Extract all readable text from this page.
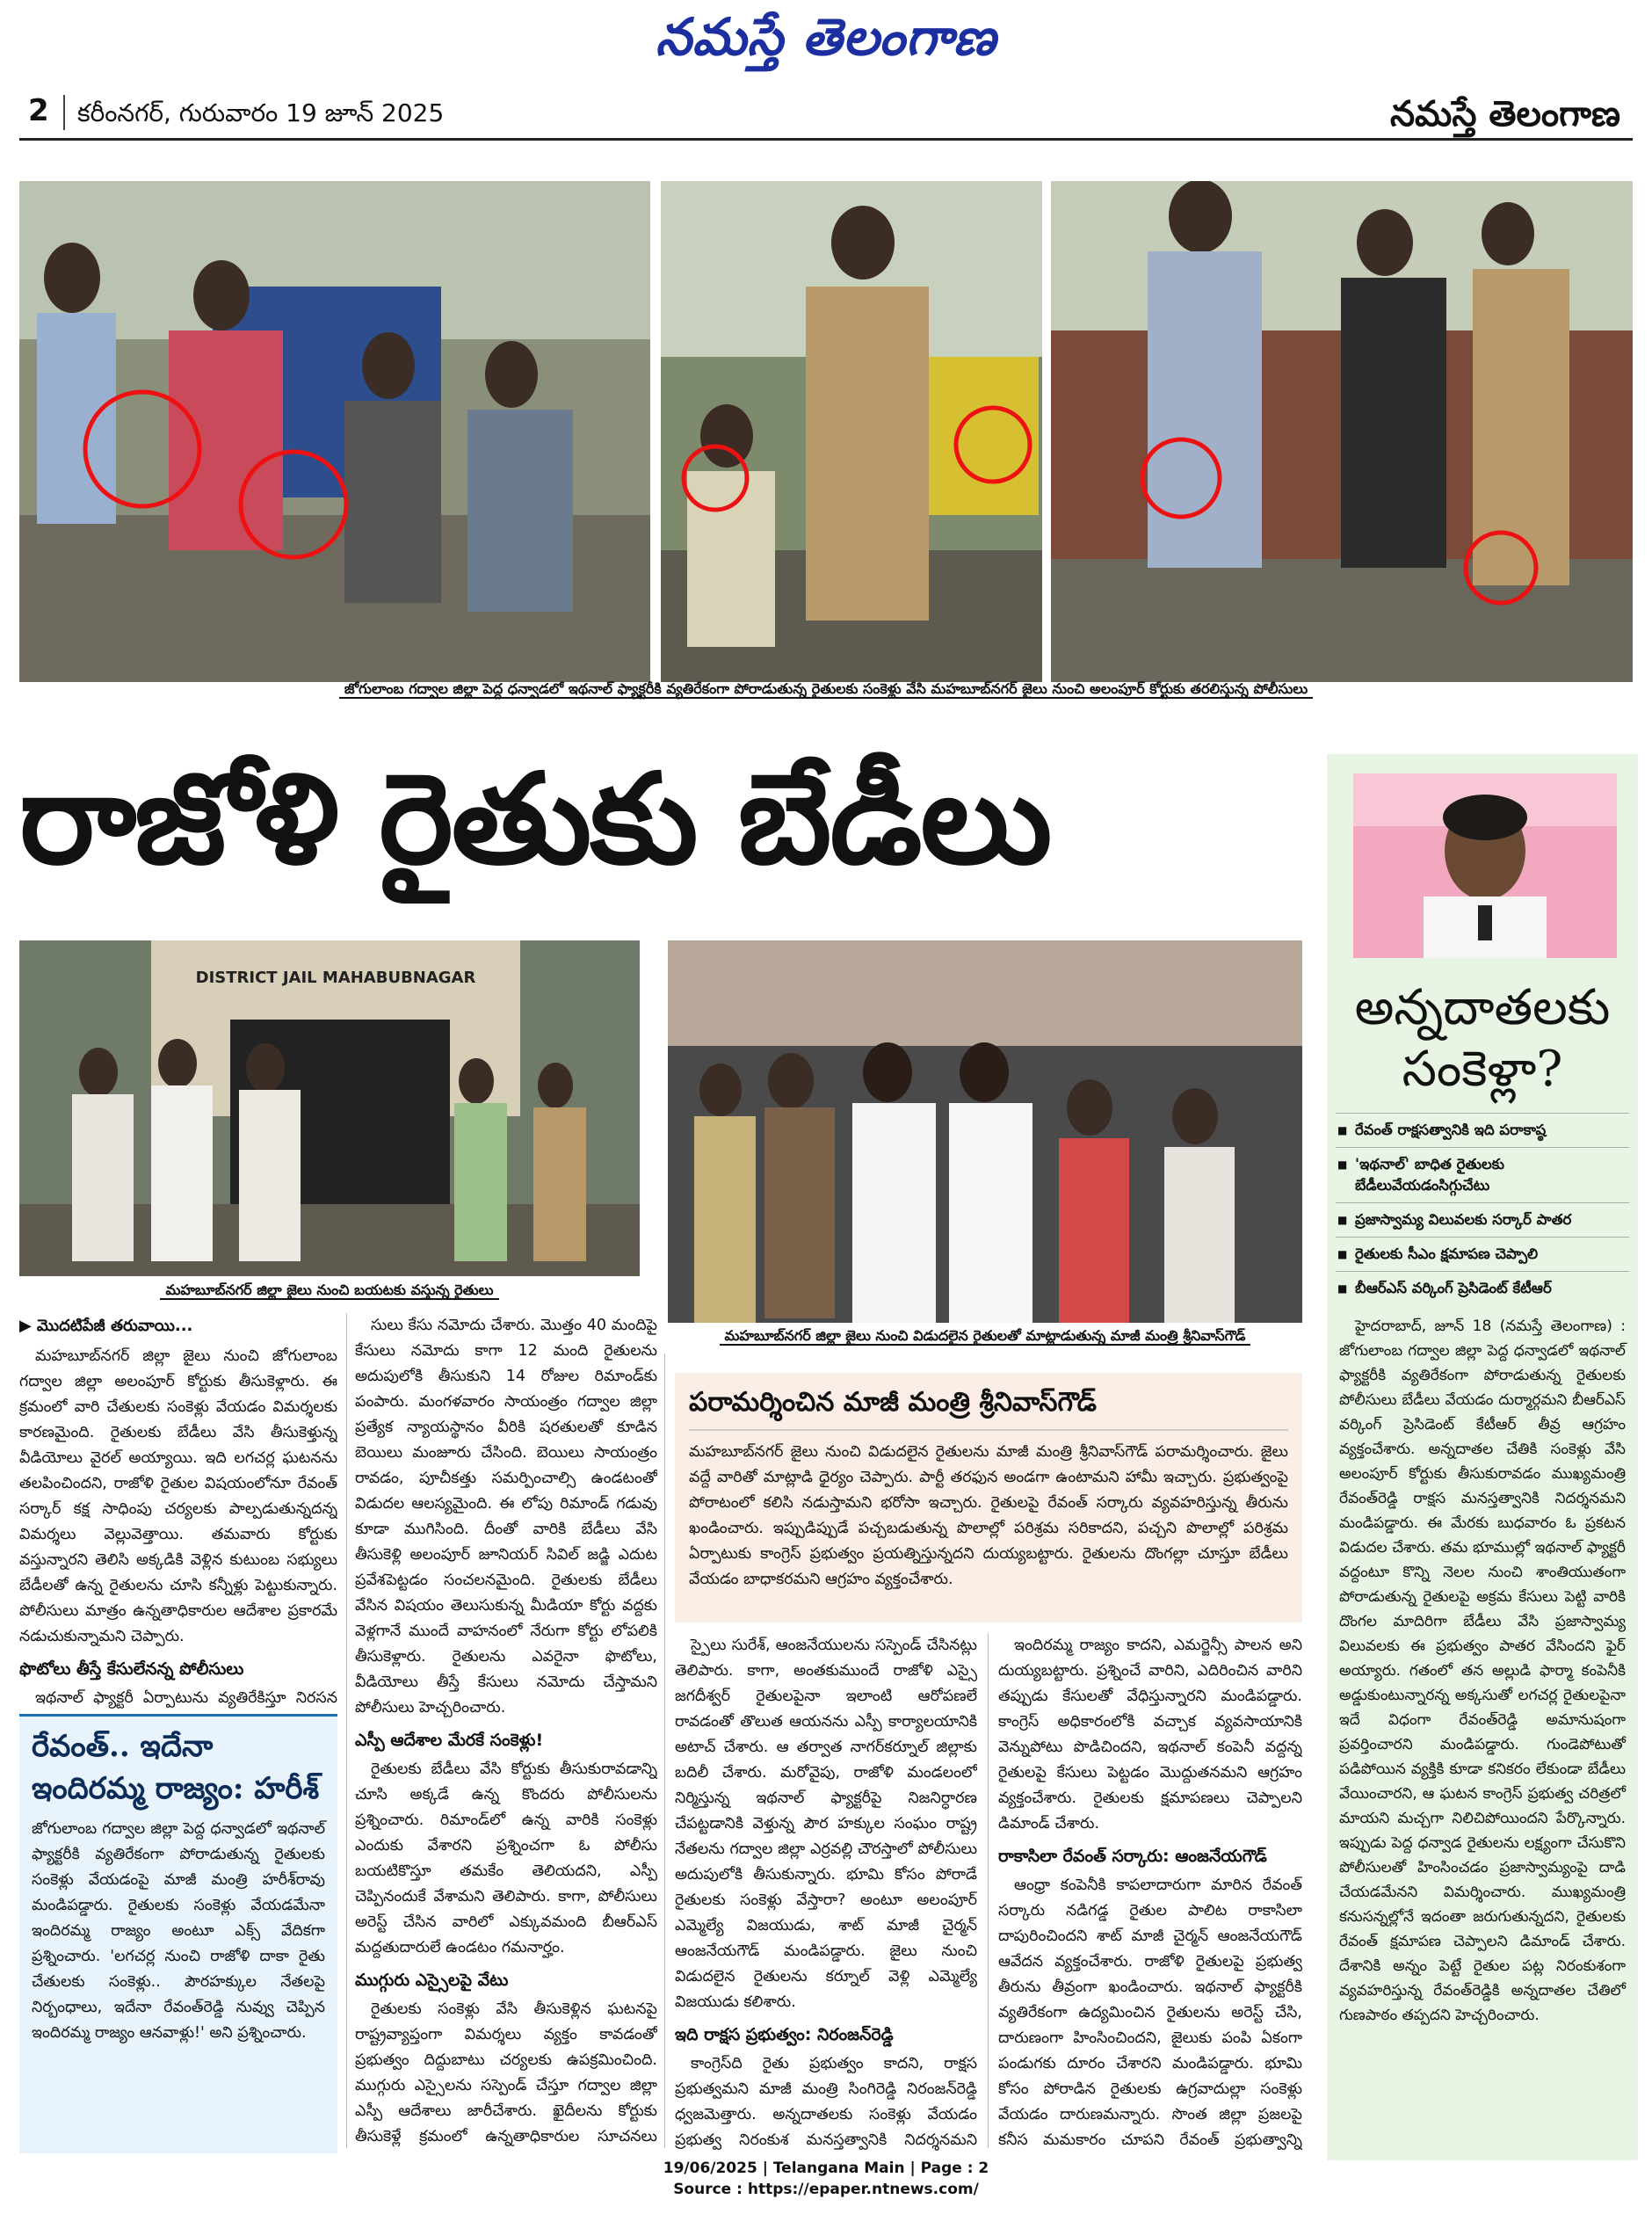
నమస్తే తెలంగాణ
2 కరీంనగర్, గురువారం 19 జూన్ 2025	నమస్తే తెలంగాణ
జోగులాంబ గద్వాల జిల్లా పెద్ద ధన్వాడలో ఇథనాల్ ఫ్యాక్టరీకి వ్యతిరేకంగా పోరాడుతున్న రైతులకు సంకెళ్లు వేసి మహబూబ్‌నగర్ జైలు నుంచి అలంపూర్ కోర్టుకు తరలిస్తున్న పోలీసులు
రాజోళి రైతుకు బేడీలు
DISTRICT JAIL MAHABUBNAGAR
మహబూబ్‌నగర్ జిల్లా జైలు నుంచి బయటకు వస్తున్న రైతులు
మహబూబ్‌నగర్ జిల్లా జైలు నుంచి విడుదలైన రైతులతో మాట్లాడుతున్న మాజీ మంత్రి శ్రీనివాస్‌గౌడ్
▶ మొదటిపేజీ తరువాయి...

మహబూబ్‌నగర్ జిల్లా జైలు నుంచి జోగులాంబ గద్వాల జిల్లా అలంపూర్ కోర్టుకు తీసుకెళ్లారు. ఈ క్రమంలో వారి చేతులకు సంకెళ్లు వేయడం విమర్శలకు కారణమైంది. రైతులకు బేడీలు వేసి తీసుకెళ్తున్న వీడియోలు వైరల్ అయ్యాయి. ఇది లగచర్ల ఘటనను తలపించిందని, రాజోళి రైతుల విషయంలోనూ రేవంత్ సర్కార్ కక్ష సాధింపు చర్యలకు పాల్పడుతున్నదన్న విమర్శలు వెల్లువెత్తాయి. తమవారు కోర్టుకు వస్తున్నారని తెలిసి అక్కడికి వెళ్లిన కుటుంబ సభ్యులు బేడీలతో ఉన్న రైతులను చూసి కన్నీళ్లు పెట్టుకున్నారు. పోలీసులు మాత్రం ఉన్నతాధికారుల ఆదేశాల ప్రకారమే నడుచుకున్నామని చెప్పారు.

ఫొటోలు తీస్తే కేసులేనన్న పోలీసులు

ఇథనాల్ ఫ్యాక్టరీ ఏర్పాటును వ్యతిరేకిస్తూ నిరసన

రేవంత్.. ఇదేనా ఇందిరమ్మ రాజ్యం: హరీశ్

జోగులాంబ గద్వాల జిల్లా పెద్ద ధన్వాడలో ఇథనాల్ ఫ్యాక్టరీకి వ్యతిరేకంగా పోరాడుతున్న రైతులకు సంకెళ్లు వేయడంపై మాజీ మంత్రి హరీశ్‌రావు మండిపడ్డారు. రైతులకు సంకెళ్లు వేయడమేనా ఇందిరమ్మ రాజ్యం అంటూ ఎక్స్ వేదికగా ప్రశ్నించారు. 'లగచర్ల నుంచి రాజోళి దాకా రైతు చేతులకు సంకెళ్లు.. పౌరహక్కుల నేతలపై నిర్బంధాలు, ఇదేనా రేవంత్‌రెడ్డి నువ్వు చెప్పిన ఇందిరమ్మ రాజ్యం ఆనవాళ్లు!' అని ప్రశ్నించారు.

సులు కేసు నమోదు చేశారు. మొత్తం 40 మందిపై కేసులు నమోదు కాగా 12 మంది రైతులను అదుపులోకి తీసుకుని 14 రోజుల రిమాండ్‌కు పంపారు. మంగళవారం సాయంత్రం గద్వాల జిల్లా ప్రత్యేక న్యాయస్థానం వీరికి షరతులతో కూడిన బెయిలు మంజూరు చేసింది. బెయిలు సాయంత్రం రావడం, పూచీకత్తు సమర్పించాల్సి ఉండటంతో విడుదల ఆలస్యమైంది. ఈ లోపు రిమాండ్ గడువు కూడా ముగిసింది. దీంతో వారికి బేడీలు వేసి తీసుకెళ్లి అలంపూర్ జూనియర్ సివిల్ జడ్జి ఎదుట ప్రవేశపెట్టడం సంచలనమైంది. రైతులకు బేడీలు వేసిన విషయం తెలుసుకున్న మీడియా కోర్టు వద్దకు వెళ్లగానే ముందే వాహనంలో నేరుగా కోర్టు లోపలికి తీసుకెళ్లారు. రైతులను ఎవరైనా ఫొటోలు, వీడియోలు తీస్తే కేసులు నమోదు చేస్తామని పోలీసులు హెచ్చరించారు.

ఎస్పీ ఆదేశాల మేరకే సంకెళ్లు!

రైతులకు బేడీలు వేసి కోర్టుకు తీసుకురావడాన్ని చూసి అక్కడే ఉన్న కొందరు పోలీసులను ప్రశ్నించారు. రిమాండ్‌లో ఉన్న వారికి సంకెళ్లు ఎందుకు వేశారని ప్రశ్నించగా ఓ పోలీసు బయటికొస్తూ తమకేం తెలియదని, ఎస్పీ చెప్పినందుకే వేశామని తెలిపారు. కాగా, పోలీసులు అరెస్ట్ చేసిన వారిలో ఎక్కువమంది బీఆర్ఎస్ మద్దతుదారులే ఉండటం గమనార్హం.

ముగ్గురు ఎస్సైలపై వేటు

రైతులకు సంకెళ్లు వేసి తీసుకెళ్లిన ఘటనపై రాష్ట్రవ్యాప్తంగా విమర్శలు వ్యక్తం కావడంతో ప్రభుత్వం దిద్దుబాటు చర్యలకు ఉపక్రమించింది. ముగ్గురు ఎస్సైలను సస్పెండ్ చేస్తూ గద్వాల జిల్లా ఎస్పీ ఆదేశాలు జారీచేశారు. ఖైదీలను కోర్టుకు తీసుకెళ్లే క్రమంలో ఉన్నతాధికారుల సూచనలు

పరామర్శించిన మాజీ మంత్రి శ్రీనివాస్‌గౌడ్

మహబూబ్‌నగర్ జైలు నుంచి విడుదలైన రైతులను మాజీ మంత్రి శ్రీనివాస్‌గౌడ్ పరామర్శించారు. జైలు వద్దే వారితో మాట్లాడి ధైర్యం చెప్పారు. పార్టీ తరఫున అండగా ఉంటామని హామీ ఇచ్చారు. ప్రభుత్వంపై పోరాటంలో కలిసి నడుస్తామని భరోసా ఇచ్చారు. రైతులపై రేవంత్ సర్కారు వ్యవహరిస్తున్న తీరును ఖండించారు. ఇప్పుడిప్పుడే పచ్చబడుతున్న పొలాల్లో పరిశ్రమ సరికాదని, పచ్చని పొలాల్లో పరిశ్రమ ఏర్పాటుకు కాంగ్రెస్ ప్రభుత్వం ప్రయత్నిస్తున్నదని దుయ్యబట్టారు. రైతులను దొంగల్లా చూస్తూ బేడీలు వేయడం బాధాకరమని ఆగ్రహం వ్యక్తంచేశారు.

స్పైలు సురేశ్, ఆంజనేయులను సస్పెండ్ చేసినట్లు తెలిపారు. కాగా, అంతకుముందే రాజోళి ఎస్సై జగదీశ్వర్ రైతులపైనా ఇలాంటి ఆరోపణలే రావడంతో తొలుత ఆయనను ఎస్పీ కార్యాలయానికి అటాచ్ చేశారు. ఆ తర్వాత నాగర్‌కర్నూల్ జిల్లాకు బదిలీ చేశారు. మరోవైపు, రాజోళి మండలంలో నిర్మిస్తున్న ఇథనాల్ ఫ్యాక్టరీపై నిజనిర్ధారణ చేపట్టడానికి వెళ్తున్న పౌర హక్కుల సంఘం రాష్ట్ర నేతలను గద్వాల జిల్లా ఎర్రవల్లి చౌరస్తాలో పోలీసులు అదుపులోకి తీసుకున్నారు. భూమి కోసం పోరాడే రైతులకు సంకెళ్లు వేస్తారా? అంటూ అలంపూర్ ఎమ్మెల్యే విజయుడు, శాట్ మాజీ చైర్మన్ ఆంజనేయగౌడ్ మండిపడ్డారు. జైలు నుంచి విడుదలైన రైతులను కర్నూల్ వెళ్లి ఎమ్మెల్యే విజయుడు కలిశారు.

ఇది రాక్షస ప్రభుత్వం: నిరంజన్‌రెడ్డి

కాంగ్రెస్‌ది రైతు ప్రభుత్వం కాదని, రాక్షస ప్రభుత్వమని మాజీ మంత్రి సింగిరెడ్డి నిరంజన్‌రెడ్డి ధ్వజమెత్తారు. అన్నదాతలకు సంకెళ్లు వేయడం ప్రభుత్వ నిరంకుశ మనస్తత్వానికి నిదర్శనమని

ఇందిరమ్మ రాజ్యం కాదని, ఎమర్జెన్సీ పాలన అని దుయ్యబట్టారు. ప్రశ్నించే వారిని, ఎదిరించిన వారిని తప్పుడు కేసులతో వేధిస్తున్నారని మండిపడ్డారు. కాంగ్రెస్ అధికారంలోకి వచ్చాక వ్యవసాయానికి వెన్నుపోటు పొడిచిందని, ఇథనాల్ కంపెనీ వద్దన్న రైతులపై కేసులు పెట్టడం మొద్దుతనమని ఆగ్రహం వ్యక్తంచేశారు. రైతులకు క్షమాపణలు చెప్పాలని డిమాండ్ చేశారు.

రాకాసిలా రేవంత్ సర్కారు: ఆంజనేయగౌడ్

ఆంధ్రా కంపెనీకి కాపలాదారుగా మారిన రేవంత్ సర్కారు నడిగడ్డ రైతుల పాలిట రాకాసిలా దాపురించిందని శాట్ మాజీ చైర్మన్ ఆంజనేయగౌడ్ ఆవేదన వ్యక్తంచేశారు. రాజోళి రైతులపై ప్రభుత్వ తీరును తీవ్రంగా ఖండించారు. ఇథనాల్ ఫ్యాక్టరీకి వ్యతిరేకంగా ఉద్యమించిన రైతులను అరెస్ట్ చేసి, దారుణంగా హింసించిందని, జైలుకు పంపి ఏకంగా పండుగకు దూరం చేశారని మండిపడ్డారు. భూమి కోసం పోరాడిన రైతులకు ఉగ్రవాదుల్లా సంకెళ్లు వేయడం దారుణమన్నారు. సొంత జిల్లా ప్రజలపై కనీస మమకారం చూపని రేవంత్ ప్రభుత్వాన్ని

అన్నదాతలకు
సంకెళ్లా?
■ రేవంత్ రాక్షసత్వానికి ఇది పరాకాష్ఠ
■ 'ఇథనాల్' బాధిత రైతులకు బేడీలువేయడంసిగ్గుచేటు
■ ప్రజాస్వామ్య విలువలకు సర్కార్ పాతర
■ రైతులకు సీఎం క్షమాపణ చెప్పాలి
■ బీఆర్ఎస్ వర్కింగ్ ప్రెసిడెంట్ కేటీఆర్

హైదరాబాద్, జూన్ 18 (నమస్తే తెలంగాణ) : జోగులాంబ గద్వాల జిల్లా పెద్ద ధన్వాడలో ఇథనాల్ ఫ్యాక్టరీకి వ్యతిరేకంగా పోరాడుతున్న రైతులకు పోలీసులు బేడీలు వేయడం దుర్మార్గమని బీఆర్ఎస్ వర్కింగ్ ప్రెసిడెంట్ కేటీఆర్ తీవ్ర ఆగ్రహం వ్యక్తంచేశారు. అన్నదాతల చేతికి సంకెళ్లు వేసి అలంపూర్ కోర్టుకు తీసుకురావడం ముఖ్యమంత్రి రేవంత్‌రెడ్డి రాక్షస మనస్తత్వానికి నిదర్శనమని మండిపడ్డారు. ఈ మేరకు బుధవారం ఓ ప్రకటన విడుదల చేశారు. తమ భూముల్లో ఇథనాల్ ఫ్యాక్టరీ వద్దంటూ కొన్ని నెలల నుంచి శాంతియుతంగా పోరాడుతున్న రైతులపై అక్రమ కేసులు పెట్టి వారికి దొంగల మాదిరిగా బేడీలు వేసి ప్రజాస్వామ్య విలువలకు ఈ ప్రభుత్వం పాతర వేసిందని ఫైర్ అయ్యారు. గతంలో తన అల్లుడి ఫార్మా కంపెనీకి అడ్డుకుంటున్నారన్న అక్కసుతో లగచర్ల రైతులపైనా ఇదే విధంగా రేవంత్‌రెడ్డి అమానుషంగా ప్రవర్తించారని మండిపడ్డారు. గుండెపోటుతో పడిపోయిన వ్యక్తికి కూడా కనికరం లేకుండా బేడీలు వేయించారని, ఆ ఘటన కాంగ్రెస్ ప్రభుత్వ చరిత్రలో మాయని మచ్చగా నిలిచిపోయిందని పేర్కొన్నారు. ఇప్పుడు పెద్ద ధన్వాడ రైతులను లక్ష్యంగా చేసుకొని పోలీసులతో హింసించడం ప్రజాస్వామ్యంపై దాడి చేయడమేనని విమర్శించారు. ముఖ్యమంత్రి కనుసన్నల్లోనే ఇదంతా జరుగుతున్నదని, రైతులకు రేవంత్ క్షమాపణ చెప్పాలని డిమాండ్ చేశారు. దేశానికి అన్నం పెట్టే రైతుల పట్ల నిరంకుశంగా వ్యవహరిస్తున్న రేవంత్‌రెడ్డికి అన్నదాతల చేతిలో గుణపాఠం తప్పదని హెచ్చరించారు.

19/06/2025 | Telangana Main | Page : 2
Source : https://epaper.ntnews.com/
